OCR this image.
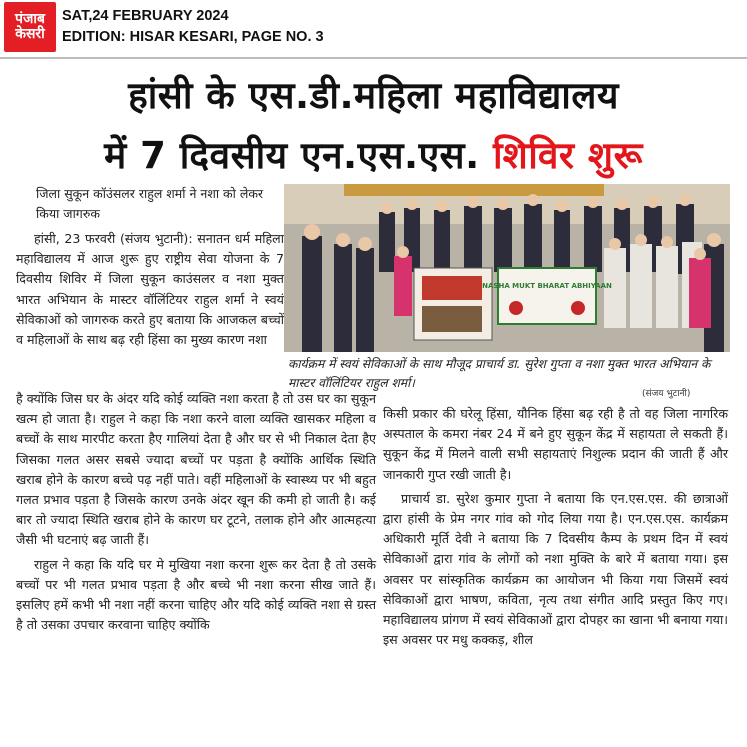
पंजाब
केसरी
SAT,24 FEBRUARY 2024
EDITION: HISAR KESARI, PAGE NO. 3
हांसी के एस.डी.महिला महाविद्यालय
में 7 दिवसीय एन.एस.एस. शिविर शुरू
जिला सुकून कॉउंसलर राहुल शर्मा ने नशा को लेकर किया जागरुक

हांसी, 23 फरवरी (संजय भुटानी): सनातन धर्म महिला महाविद्यालय में आज शुरू हुए राष्ट्रीय सेवा योजना के 7 दिवसीय शिविर में जिला सुकून काउंसलर व नशा मुक्त भारत अभियान के मास्टर वॉलिंटियर राहुल शर्मा ने स्वयं सेविकाओं को जागरुक करते हुए बताया कि आजकल बच्चों व महिलाओं के साथ बढ़ रही हिंसा का मुख्य कारण नशा

NASHA MUKT BHARAT ABHIYAAN
कार्यक्रम में स्वयं सेविकाओं के साथ मौजूद प्राचार्य डा. सुरेश गुप्ता व नशा मुक्त भारत अभियान के मास्टर वॉलिंटियर राहुल शर्मा।
(संजय भुटानी)

है क्योंकि जिस घर के अंदर यदि कोई व्यक्ति नशा करता है तो उस घर का सुकून खत्म हो जाता है। राहुल ने कहा कि नशा करने वाला व्यक्ति खासकर महिला व बच्चों के साथ मारपीट करता हैए गालियां देता है और घर से भी निकाल देता हैए जिसका गलत असर सबसे ज्यादा बच्चों पर पड़ता है क्योंकि आर्थिक स्थिति खराब होने के कारण बच्चे पढ़ नहीं पाते। वहीं महिलाओं के स्वास्थ्य पर भी बहुत गलत प्रभाव पड़ता है जिसके कारण उनके अंदर खून की कमी हो जाती है। कई बार तो ज्यादा स्थिति खराब होने के कारण घर टूटने, तलाक होने और आत्महत्या जैसी भी घटनाएं बढ़ जाती हैं।

राहुल ने कहा कि यदि घर मे मुखिया नशा करना शुरू कर देता है तो उसके बच्चों पर भी गलत प्रभाव पड़ता है और बच्चे भी नशा करना सीख जाते हैं। इसलिए हमें कभी भी नशा नहीं करना चाहिए और यदि कोई व्यक्ति नशा से ग्रस्त है तो उसका उपचार करवाना चाहिए क्योंकि

किसी प्रकार की घरेलू हिंसा, यौनिक हिंसा बढ़ रही है तो वह जिला नागरिक अस्पताल के कमरा नंबर 24 में बने हुए सुकून केंद्र में सहायता ले सकती हैं। सुकून केंद्र में मिलने वाली सभी सहायताएं निशुल्क प्रदान की जाती हैं और जानकारी गुप्त रखी जाती है।

प्राचार्य डा. सुरेश कुमार गुप्ता ने बताया कि एन.एस.एस. की छात्राओं द्वारा हांसी के प्रेम नगर गांव को गोद लिया गया है। एन.एस.एस. कार्यक्रम अधिकारी मूर्ति देवी ने बताया कि 7 दिवसीय कैम्प के प्रथम दिन में स्वयं सेविकाओं द्वारा गांव के लोगों को नशा मुक्ति के बारे में बताया गया। इस अवसर पर सांस्कृतिक कार्यक्रम का आयोजन भी किया गया जिसमें स्वयं सेविकाओं द्वारा भाषण, कविता, नृत्य तथा संगीत आदि प्रस्तुत किए गए। महाविद्यालय प्रांगण में स्वयं सेविकाओं द्वारा दोपहर का खाना भी बनाया गया। इस अवसर पर मधु कक्कड़, शील
